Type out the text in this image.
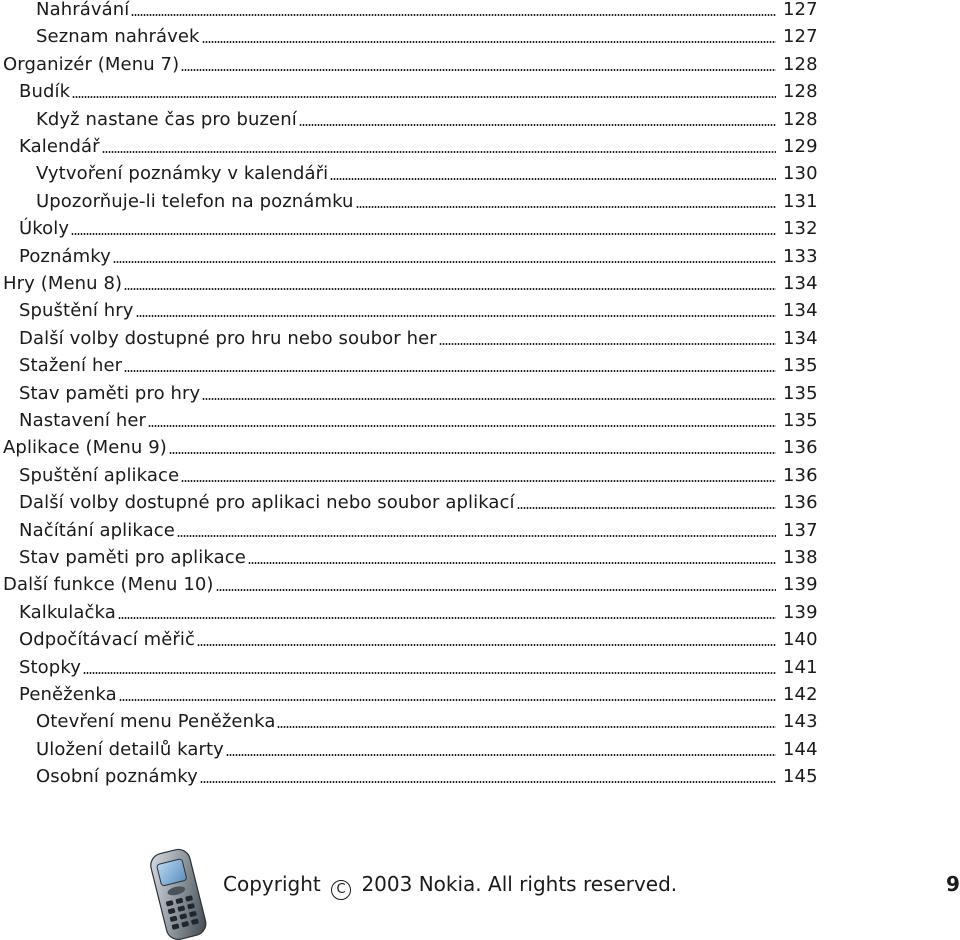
Nahrávání	127
Seznam nahrávek	127
Organizér (Menu 7)	128
Budík	128
Když nastane čas pro buzení	128
Kalendář	129
Vytvoření poznámky v kalendáři	130
Upozorňuje-li telefon na poznámku	131
Úkoly	132
Poznámky	133
Hry (Menu 8)	134
Spuštění hry	134
Další volby dostupné pro hru nebo soubor her	134
Stažení her	135
Stav paměti pro hry	135
Nastavení her	135
Aplikace (Menu 9)	136
Spuštění aplikace	136
Další volby dostupné pro aplikaci nebo soubor aplikací	136
Načítání aplikace	137
Stav paměti pro aplikace	138
Další funkce (Menu 10)	139
Kalkulačka	139
Odpočítávací měřič	140
Stopky	141
Peněženka	142
Otevření menu Peněženka	143
Uložení detailů karty	144
Osobní poznámky	145
Copyright C 2003 Nokia. All rights reserved.	9
